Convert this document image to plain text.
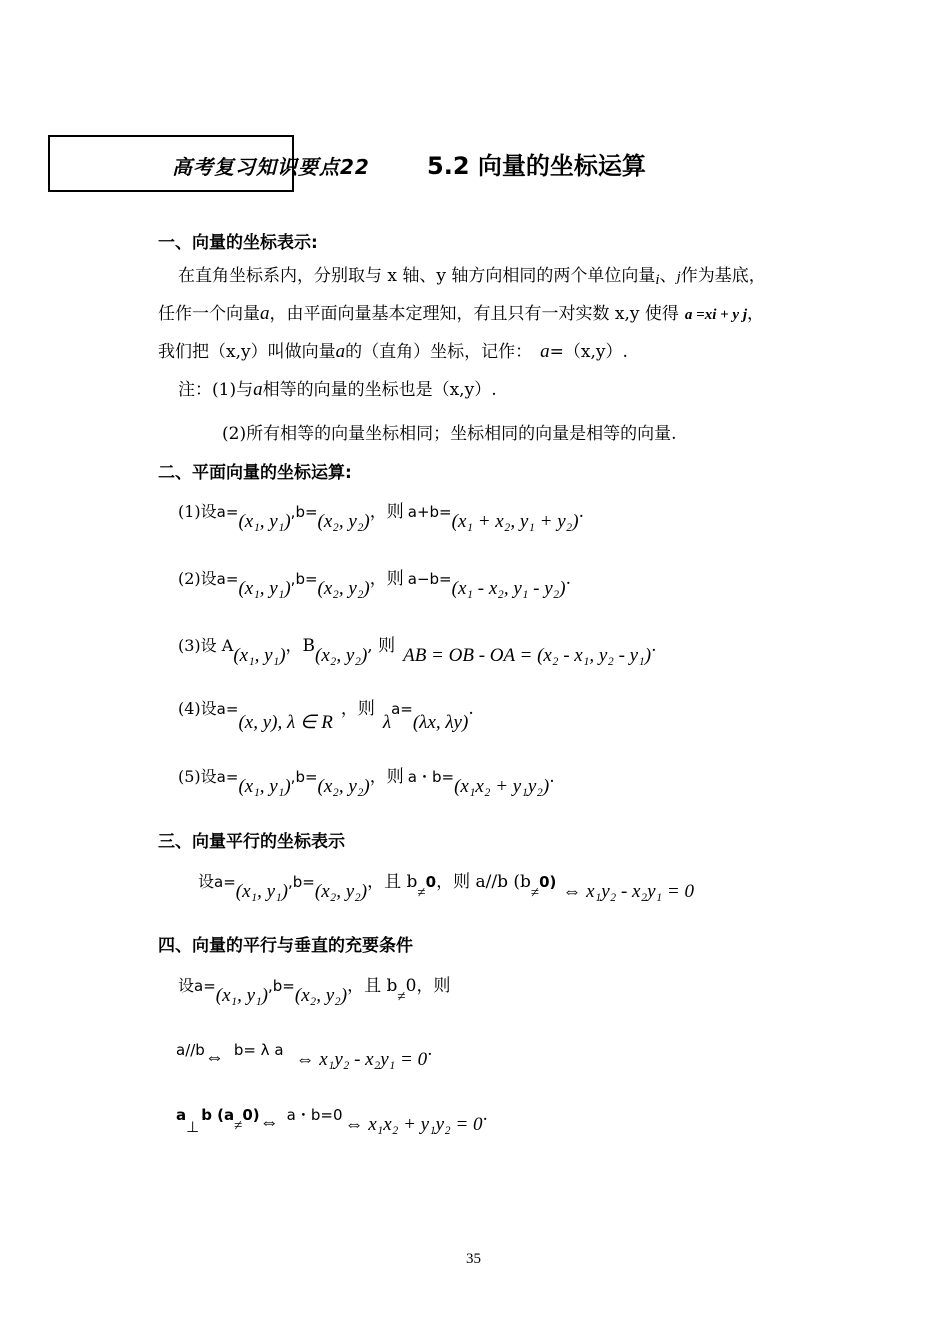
高考复习知识要点22 5.2 向量的坐标运算
一、向量的坐标表示:
在直角坐标系内，分别取与 x 轴、y 轴方向相同的两个单位向量i、j作为基底，
任作一个向量a，由平面向量基本定理知，有且只有一对实数 x,y 使得 a =xi + y j，
我们把（x,y）叫做向量a的（直角）坐标，记作： a=（x,y）.
注：(1)与a相等的向量的坐标也是（x,y）.
(2)所有相等的向量坐标相同；坐标相同的向量是相等的向量.
二、平面向量的坐标运算:
(1)设a=(x₁, y₁),b=(x₂, y₂)，则 a+b=(x₁ + x₂, y₁ + y₂).
(2)设a=(x₁, y₁),b=(x₂, y₂)，则 a−b=(x₁ - x₂, y₁ - y₂).
(3)设 A(x₁, y₁)，B(x₂, y₂), 则 AB = OB - OA = (x₂ - x₁, y₂ - y₁).
(4)设a=(x, y), λ ∈ R，则λa=(λx, λy).
(5)设a=(x₁, y₁),b=(x₂, y₂)，则 a・b=(x₁x₂ + y₁y₂).
三、向量平行的坐标表示
设a=(x₁, y₁),b=(x₂, y₂)，且 b≠0，则 a//b (b≠0) ⇔ x₁y₂ - x₂y₁ = 0
四、向量的平行与垂直的充要条件
设a=(x₁, y₁),b=(x₂, y₂)，且 b≠0，则
a//b⇔ b= λ a ⇔ x₁y₂ - x₂y₁ = 0.
a⊥b (a≠0)⇔ a・b=0 ⇔ x₁x₂ + y₁y₂ = 0.
35
